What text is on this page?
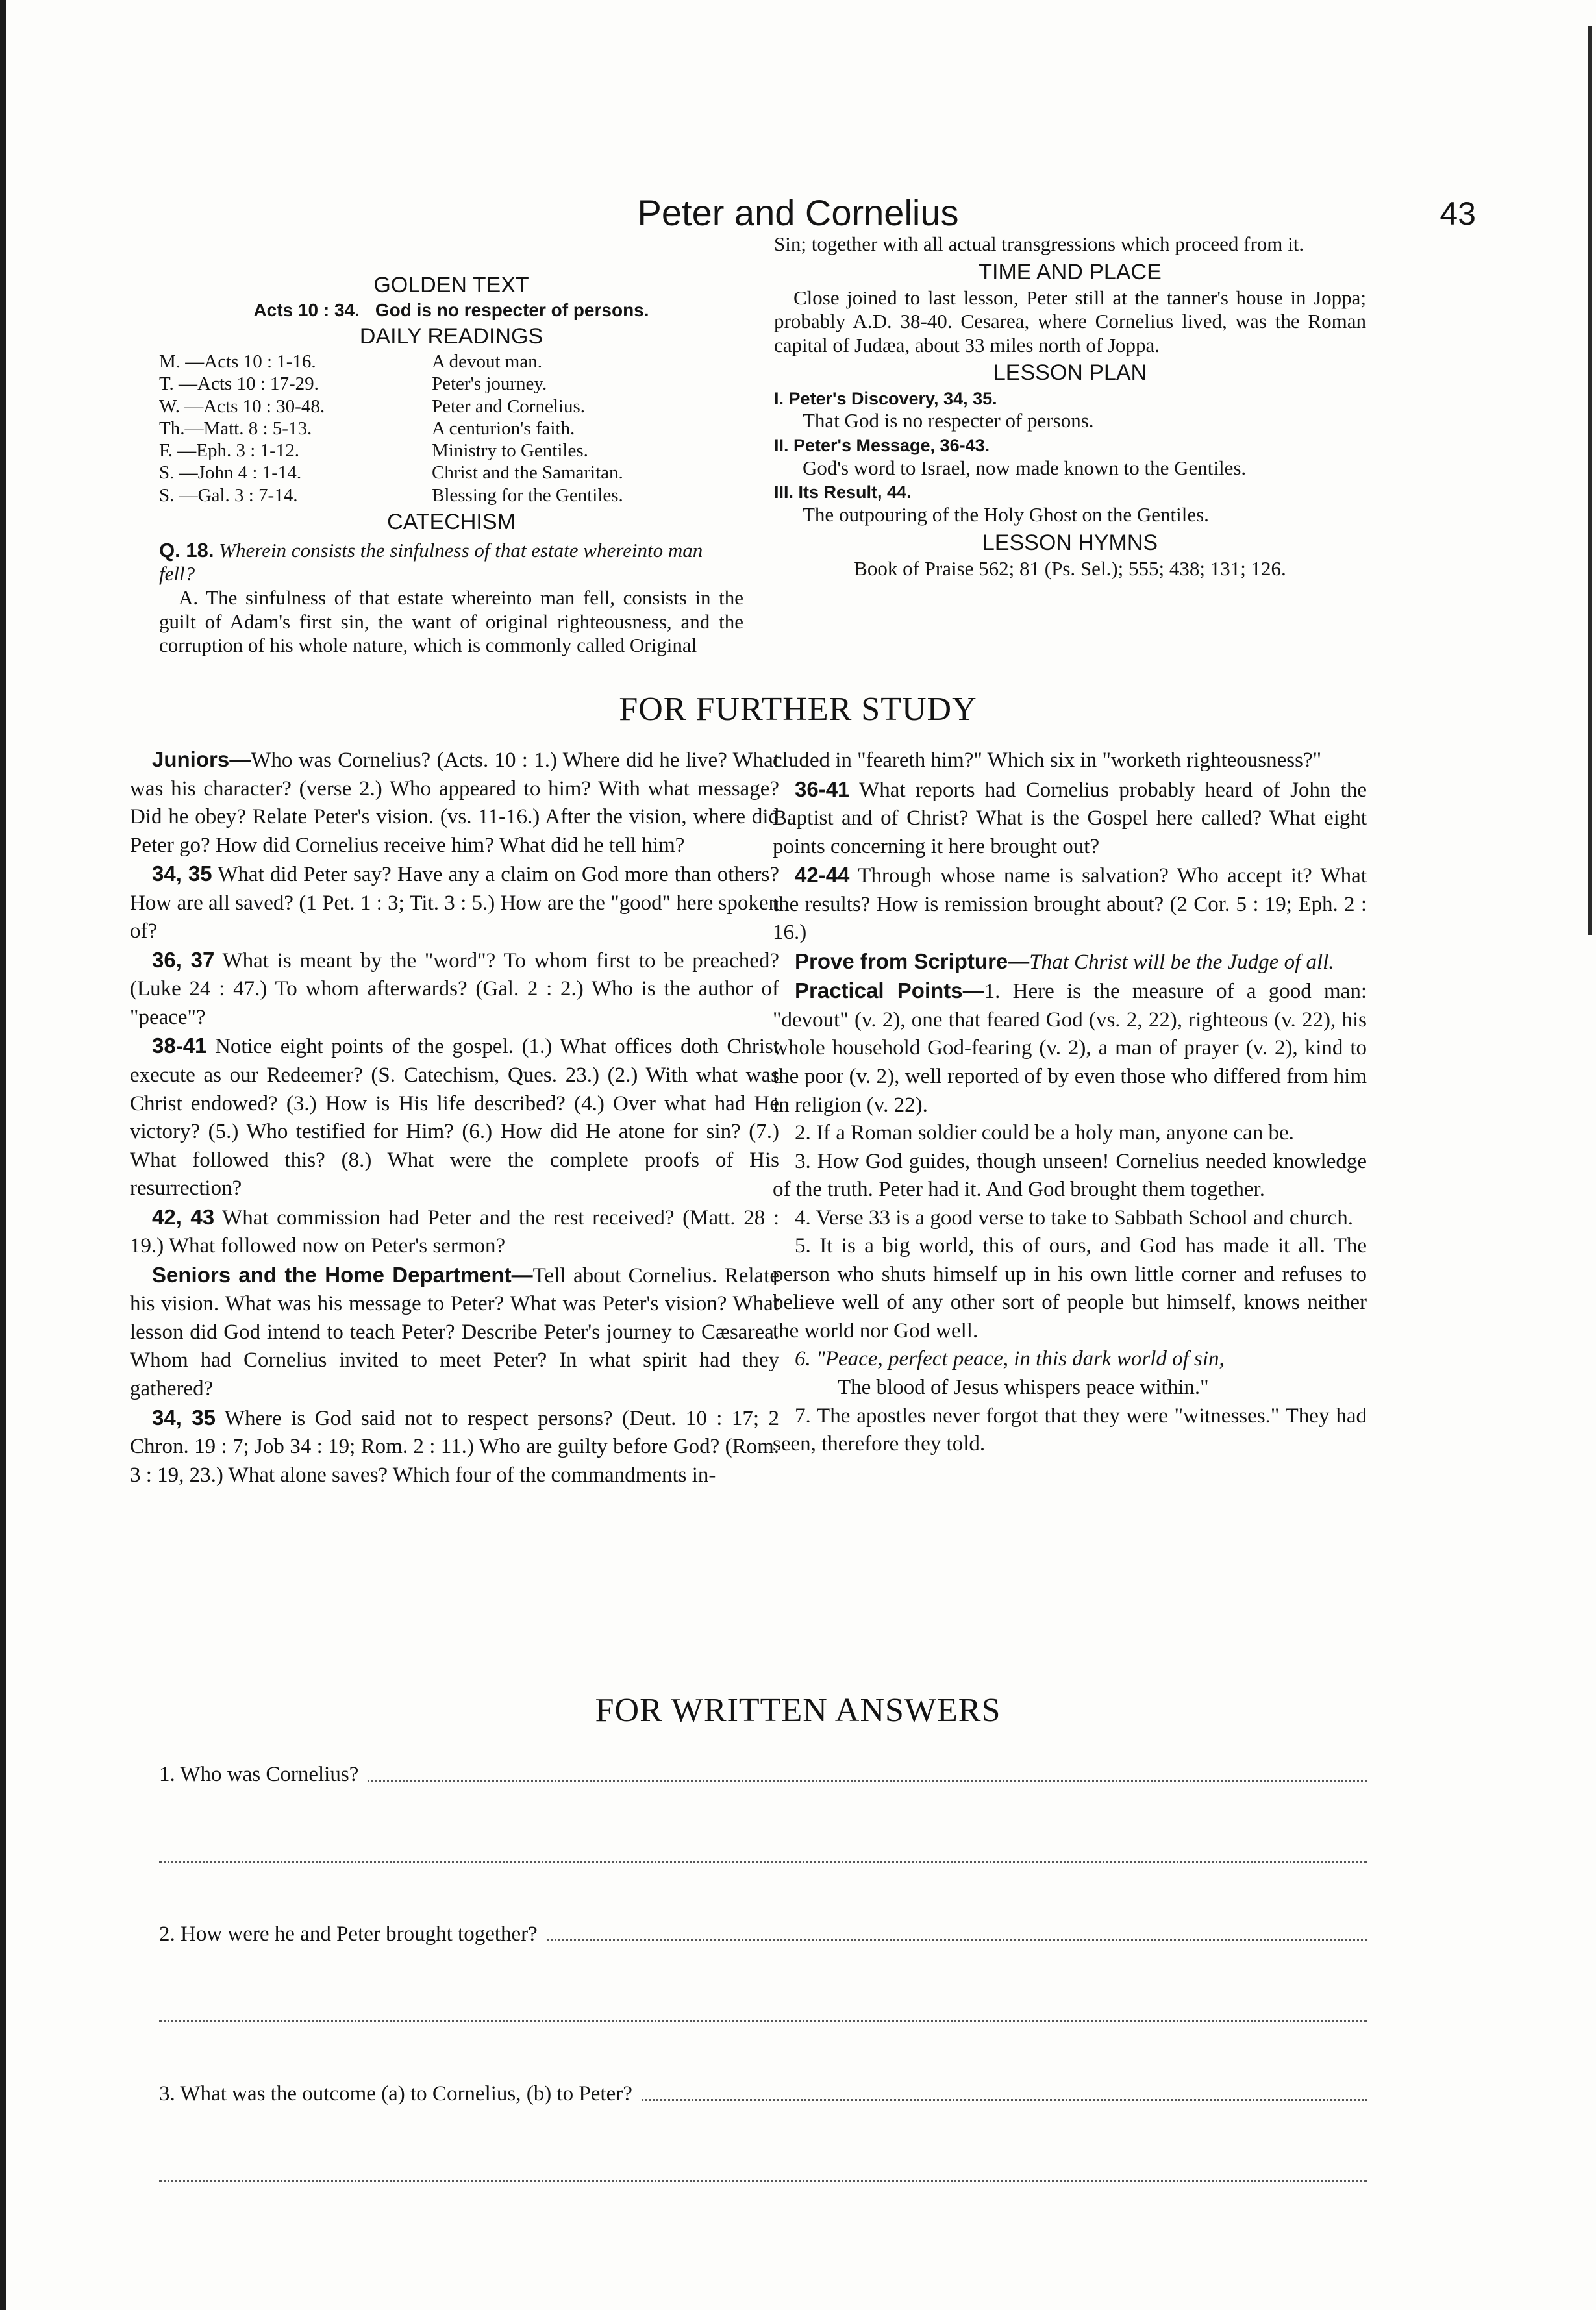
Peter and Cornelius	43
GOLDEN TEXT
Acts 10 : 34. God is no respecter of persons.
DAILY READINGS
M. —Acts 10 : 1-16.	A devout man.
T. —Acts 10 : 17-29.	Peter's journey.
W. —Acts 10 : 30-48.	Peter and Cornelius.
Th.—Matt. 8 : 5-13.	A centurion's faith.
F. —Eph. 3 : 1-12.	Ministry to Gentiles.
S. —John 4 : 1-14.	Christ and the Samaritan.
S. —Gal. 3 : 7-14.	Blessing for the Gentiles.
CATECHISM
Q. 18. Wherein consists the sinfulness of that estate whereinto man fell?
A. The sinfulness of that estate whereinto man fell, consists in the guilt of Adam's first sin, the want of original righteousness, and the corruption of his whole nature, which is commonly called Original
Sin; together with all actual transgressions which proceed from it.
TIME AND PLACE
Close joined to last lesson, Peter still at the tanner's house in Joppa; probably A.D. 38-40. Cesarea, where Cornelius lived, was the Roman capital of Judæa, about 33 miles north of Joppa.
LESSON PLAN
I. Peter's Discovery, 34, 35.
That God is no respecter of persons.
II. Peter's Message, 36-43.
God's word to Israel, now made known to the Gentiles.
III. Its Result, 44.
The outpouring of the Holy Ghost on the Gentiles.
LESSON HYMNS
Book of Praise 562; 81 (Ps. Sel.); 555; 438; 131; 126.
FOR FURTHER STUDY

Juniors—Who was Cornelius? (Acts. 10 : 1.) Where did he live? What was his character? (verse 2.) Who appeared to him? With what message? Did he obey? Relate Peter's vision. (vs. 11-16.) After the vision, where did Peter go? How did Cornelius receive him? What did he tell him?

34, 35 What did Peter say? Have any a claim on God more than others? How are all saved? (1 Pet. 1 : 3; Tit. 3 : 5.) How are the "good" here spoken of?

36, 37 What is meant by the "word"? To whom first to be preached? (Luke 24 : 47.) To whom afterwards? (Gal. 2 : 2.) Who is the author of "peace"?

38-41 Notice eight points of the gospel. (1.) What offices doth Christ execute as our Redeemer? (S. Catechism, Ques. 23.) (2.) With what was Christ endowed? (3.) How is His life described? (4.) Over what had He victory? (5.) Who testified for Him? (6.) How did He atone for sin? (7.) What followed this? (8.) What were the complete proofs of His resurrection?

42, 43 What commission had Peter and the rest received? (Matt. 28 : 19.) What followed now on Peter's sermon?

Seniors and the Home Department—Tell about Cornelius. Relate his vision. What was his message to Peter? What was Peter's vision? What lesson did God intend to teach Peter? Describe Peter's journey to Cæsarea. Whom had Cornelius invited to meet Peter? In what spirit had they gathered?

34, 35 Where is God said not to respect persons? (Deut. 10 : 17; 2 Chron. 19 : 7; Job 34 : 19; Rom. 2 : 11.) Who are guilty before God? (Rom. 3 : 19, 23.) What alone saves? Which four of the commandments in-

cluded in "feareth him?" Which six in "worketh righteousness?"

36-41 What reports had Cornelius probably heard of John the Baptist and of Christ? What is the Gospel here called? What eight points concerning it here brought out?

42-44 Through whose name is salvation? Who accept it? What the results? How is remission brought about? (2 Cor. 5 : 19; Eph. 2 : 16.)

Prove from Scripture—That Christ will be the Judge of all.

Practical Points—1. Here is the measure of a good man: "devout" (v. 2), one that feared God (vs. 2, 22), righteous (v. 22), his whole household God-fearing (v. 2), a man of prayer (v. 2), kind to the poor (v. 2), well reported of by even those who differed from him in religion (v. 22).

2. If a Roman soldier could be a holy man, anyone can be.

3. How God guides, though unseen! Cornelius needed knowledge of the truth. Peter had it. And God brought them together.

4. Verse 33 is a good verse to take to Sabbath School and church.

5. It is a big world, this of ours, and God has made it all. The person who shuts himself up in his own little corner and refuses to believe well of any other sort of people but himself, knows neither the world nor God well.

6. "Peace, perfect peace, in this dark world of sin,

The blood of Jesus whispers peace within."

7. The apostles never forgot that they were "witnesses." They had seen, therefore they told.

FOR WRITTEN ANSWERS
1. Who was Cornelius?
2. How were he and Peter brought together?
3. What was the outcome (a) to Cornelius, (b) to Peter?
